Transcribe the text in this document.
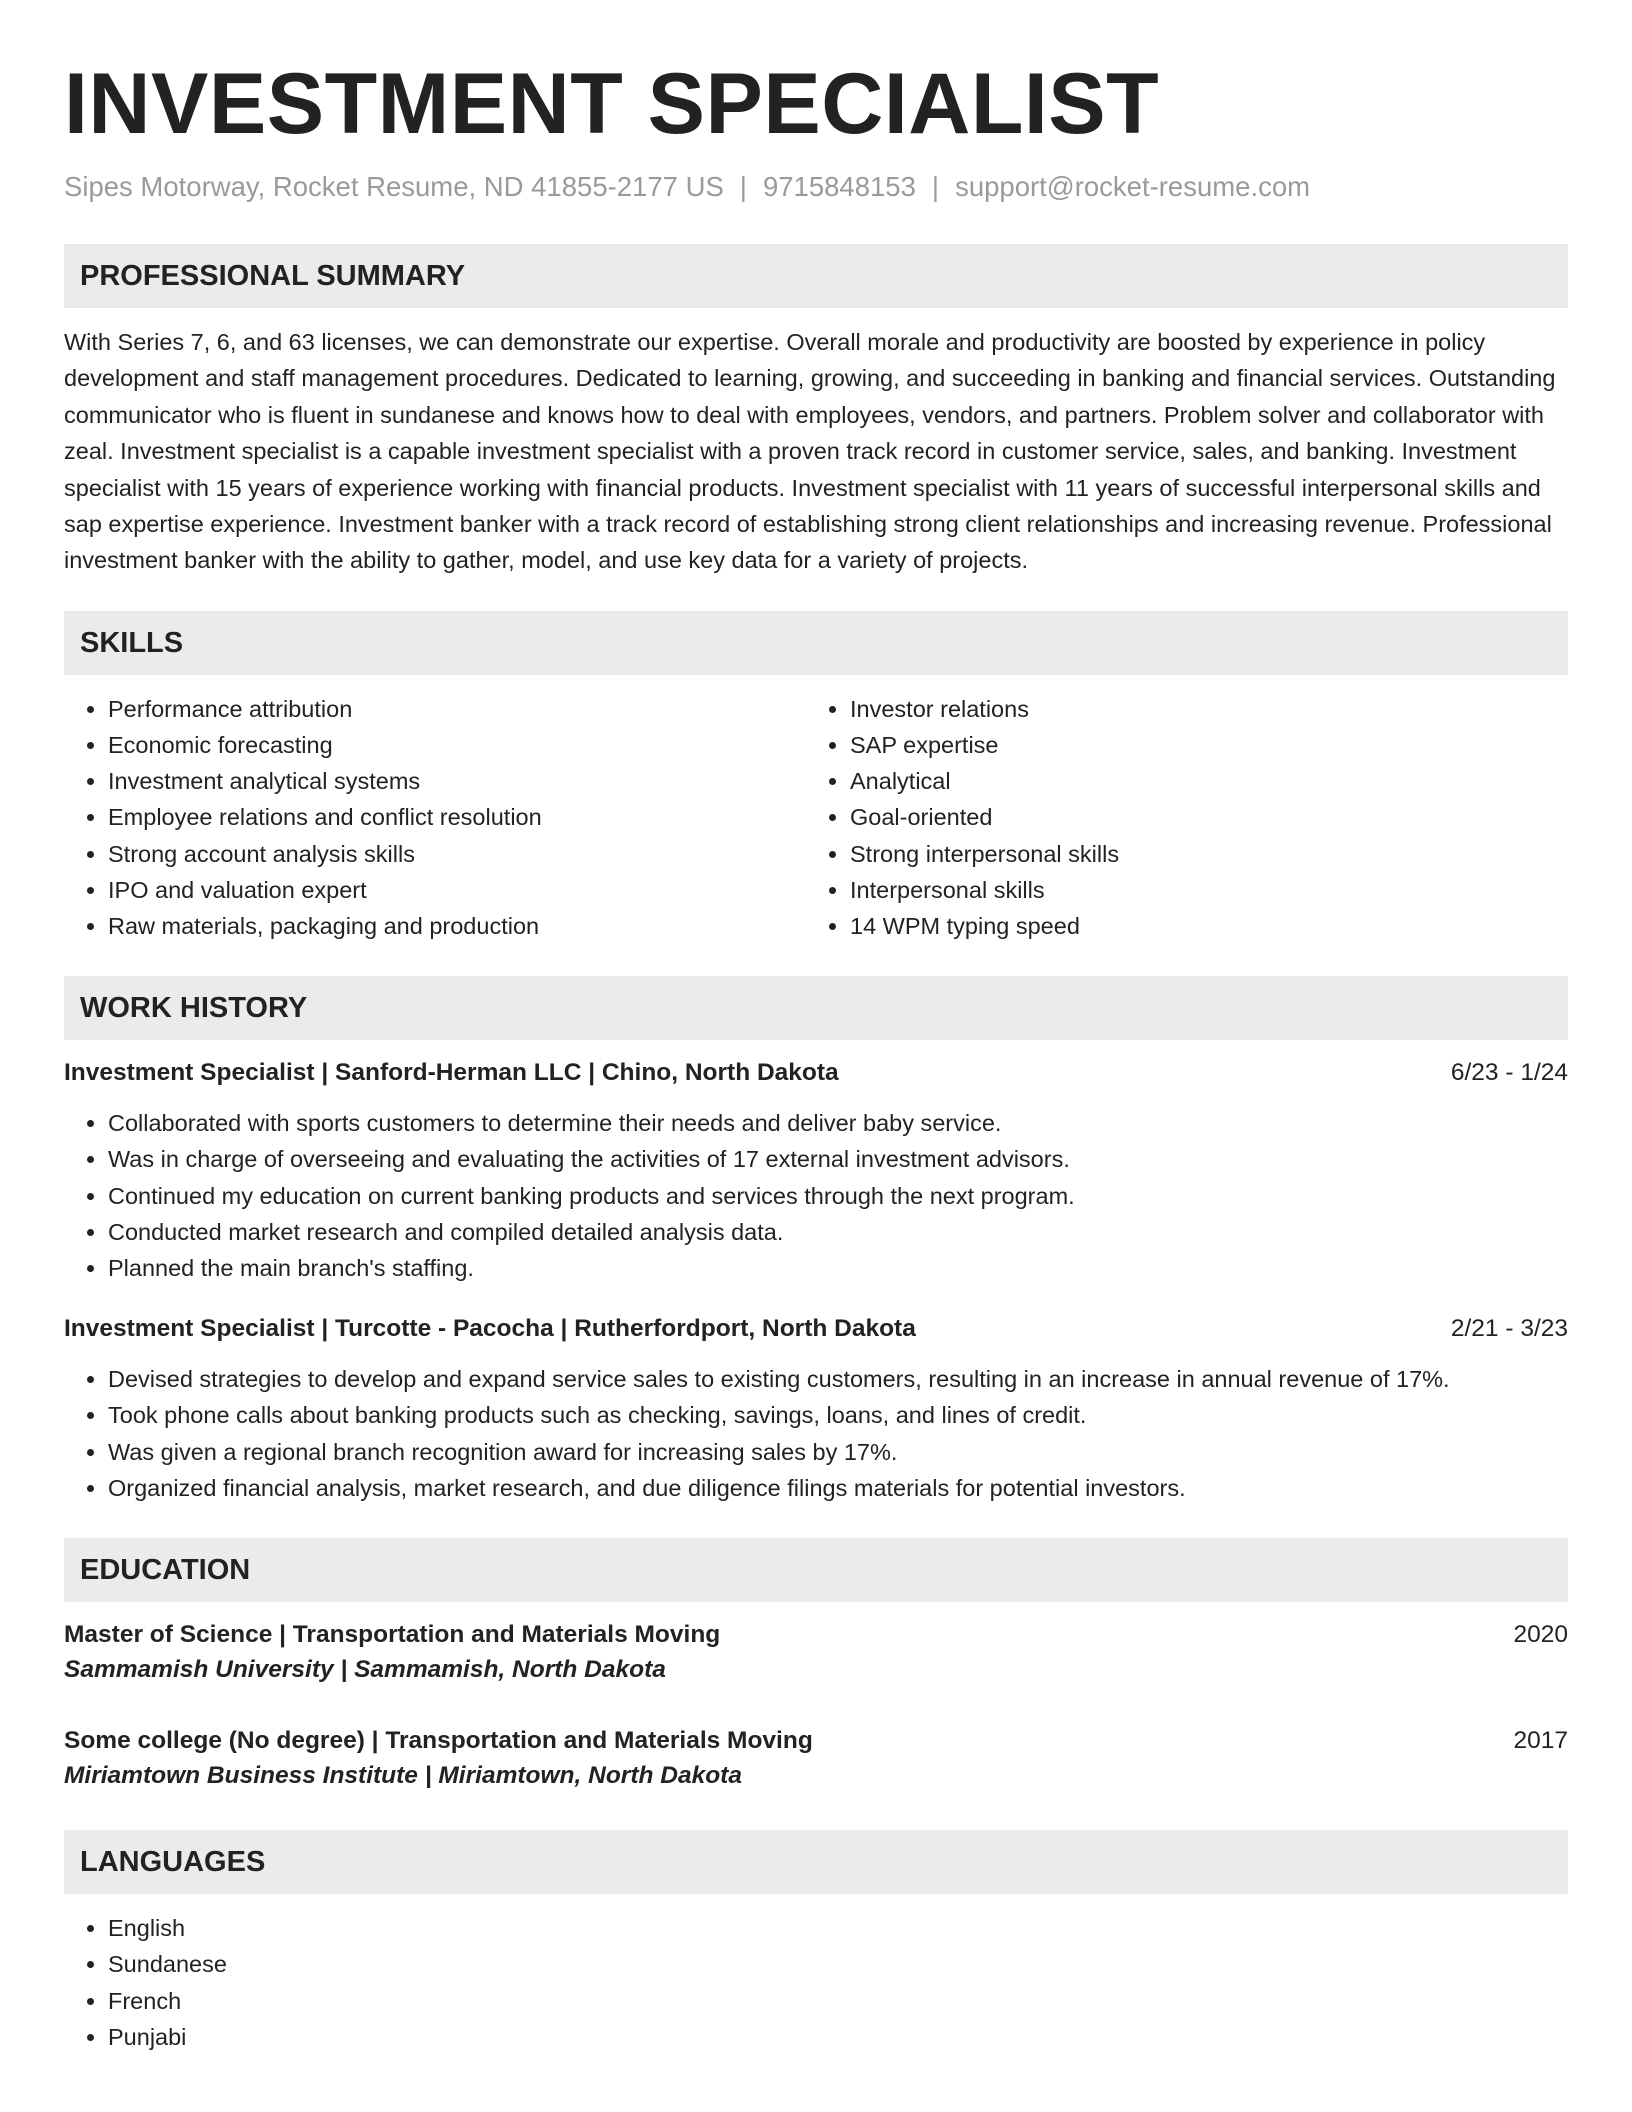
INVESTMENT SPECIALIST
Sipes Motorway, Rocket Resume, ND 41855-2177 US | 9715848153 | support@rocket-resume.com
PROFESSIONAL SUMMARY

With Series 7, 6, and 63 licenses, we can demonstrate our expertise. Overall morale and productivity are boosted by experience in policy development and staff management procedures. Dedicated to learning, growing, and succeeding in banking and financial services. Outstanding communicator who is fluent in sundanese and knows how to deal with employees, vendors, and partners. Problem solver and collaborator with zeal. Investment specialist is a capable investment specialist with a proven track record in customer service, sales, and banking. Investment specialist with 15 years of experience working with financial products. Investment specialist with 11 years of successful interpersonal skills and sap expertise experience. Investment banker with a track record of establishing strong client relationships and increasing revenue. Professional investment banker with the ability to gather, model, and use key data for a variety of projects.

SKILLS
• Performance attribution
• Economic forecasting
• Investment analytical systems
• Employee relations and conflict resolution
• Strong account analysis skills
• IPO and valuation expert
• Raw materials, packaging and production
• Investor relations
• SAP expertise
• Analytical
• Goal-oriented
• Strong interpersonal skills
• Interpersonal skills
• 14 WPM typing speed
WORK HISTORY
Investment Specialist | Sanford-Herman LLC | Chino, North Dakota	6/23 - 1/24
• Collaborated with sports customers to determine their needs and deliver baby service.
• Was in charge of overseeing and evaluating the activities of 17 external investment advisors.
• Continued my education on current banking products and services through the next program.
• Conducted market research and compiled detailed analysis data.
• Planned the main branch's staffing.
Investment Specialist | Turcotte - Pacocha | Rutherfordport, North Dakota	2/21 - 3/23
• Devised strategies to develop and expand service sales to existing customers, resulting in an increase in annual revenue of 17%.
• Took phone calls about banking products such as checking, savings, loans, and lines of credit.
• Was given a regional branch recognition award for increasing sales by 17%.
• Organized financial analysis, market research, and due diligence filings materials for potential investors.
EDUCATION
Master of Science | Transportation and Materials Moving	2020
Sammamish University | Sammamish, North Dakota
Some college (No degree) | Transportation and Materials Moving	2017
Miriamtown Business Institute | Miriamtown, North Dakota
LANGUAGES
• English
• Sundanese
• French
• Punjabi
